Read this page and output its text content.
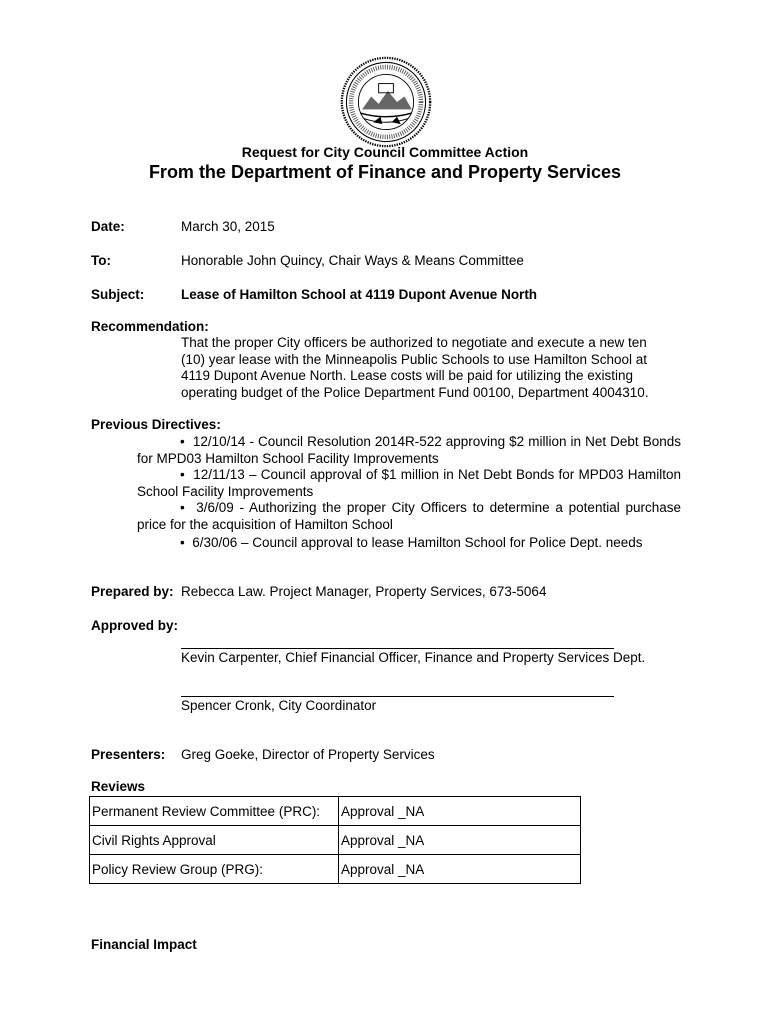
Request for City Council Committee Action
From the Department of Finance and Property Services
Date:	March 30, 2015
To:	Honorable John Quincy, Chair Ways & Means Committee
Subject:	Lease of Hamilton School at 4119 Dupont Avenue North
Recommendation:
That the proper City officers be authorized to negotiate and execute a new ten
(10) year lease with the Minneapolis Public Schools to use Hamilton School at
4119 Dupont Avenue North. Lease costs will be paid for utilizing the existing
operating budget of the Police Department Fund 00100, Department 4004310.
Previous Directives:
•  12/10/14 - Council Resolution 2014R-522 approving $2 million in Net Debt Bonds for MPD03 Hamilton School Facility Improvements
•  12/11/13 – Council approval of $1 million in Net Debt Bonds for MPD03 Hamilton School Facility Improvements
•  3/6/09 - Authorizing the proper City Officers to determine a potential purchase price for the acquisition of Hamilton School
•  6/30/06 – Council approval to lease Hamilton School for Police Dept. needs
Prepared by: Rebecca Law. Project Manager, Property Services, 673-5064
Approved by:
Kevin Carpenter, Chief Financial Officer, Finance and Property Services Dept.
Spencer Cronk, City Coordinator
Presenters: Greg Goeke, Director of Property Services
Reviews
Permanent Review Committee (PRC):	Approval _NA
Civil Rights Approval	Approval _NA
Policy Review Group (PRG):	Approval _NA
Financial Impact
